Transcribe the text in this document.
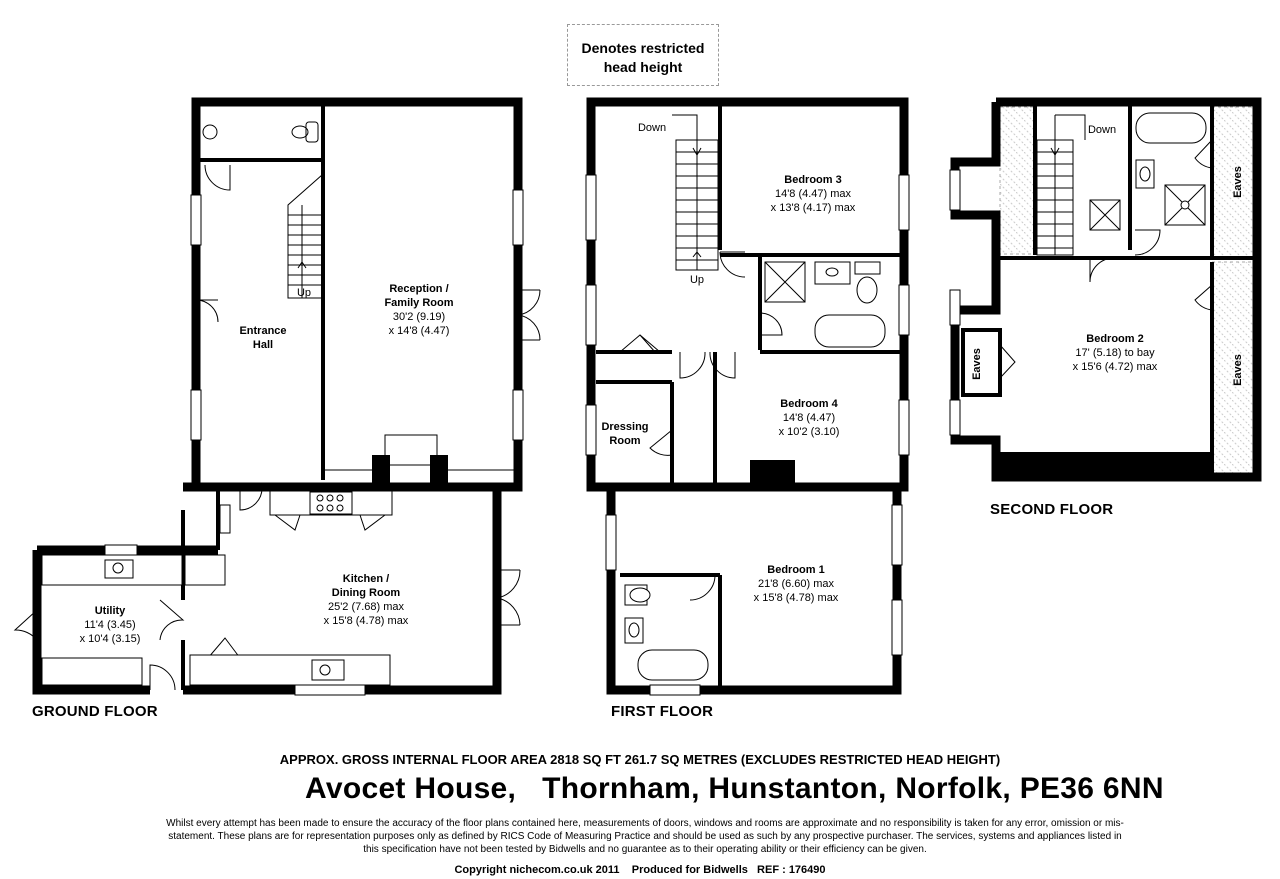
Entrance
Hall
Reception /
Family Room
30'2 (9.19)
x 14'8 (4.47)
Kitchen /
Dining Room
25'2 (7.68) max
x 15'8 (4.78) max
Utility
11'4 (3.45)
x 10'4 (3.15)
Bedroom 3
14'8 (4.47) max
x 13'8 (4.17) max
Bedroom 4
14'8 (4.47)
x 10'2 (3.10)
Dressing
Room
Bedroom 1
21'8 (6.60) max
x 15'8 (4.78) max
Bedroom 2
17' (5.18) to bay
x 15'6 (4.72) max
Up
Up
Down	Down
Eaves
Eaves
Eaves
Denotes restricted
head height
GROUND FLOOR	FIRST FLOOR
SECOND FLOOR
APPROX. GROSS INTERNAL FLOOR AREA 2818 SQ FT 261.7 SQ METRES (EXCLUDES RESTRICTED HEAD HEIGHT)
Avocet House,   Thornham, Hunstanton, Norfolk, PE36 6NN
Whilst every attempt has been made to ensure the accuracy of the floor plans contained here, measurements of doors, windows and rooms are approximate and no responsibility is taken for any error, omission or mis-statement. These plans are for representation purposes only as defined by RICS Code of Measuring Practice and should be used as such by any prospective purchaser. The services, systems and appliances listed in this specification have not been tested by Bidwells and no guarantee as to their operating ability or their efficiency can be given.
Copyright nichecom.co.uk 2011    Produced for Bidwells   REF : 176490
